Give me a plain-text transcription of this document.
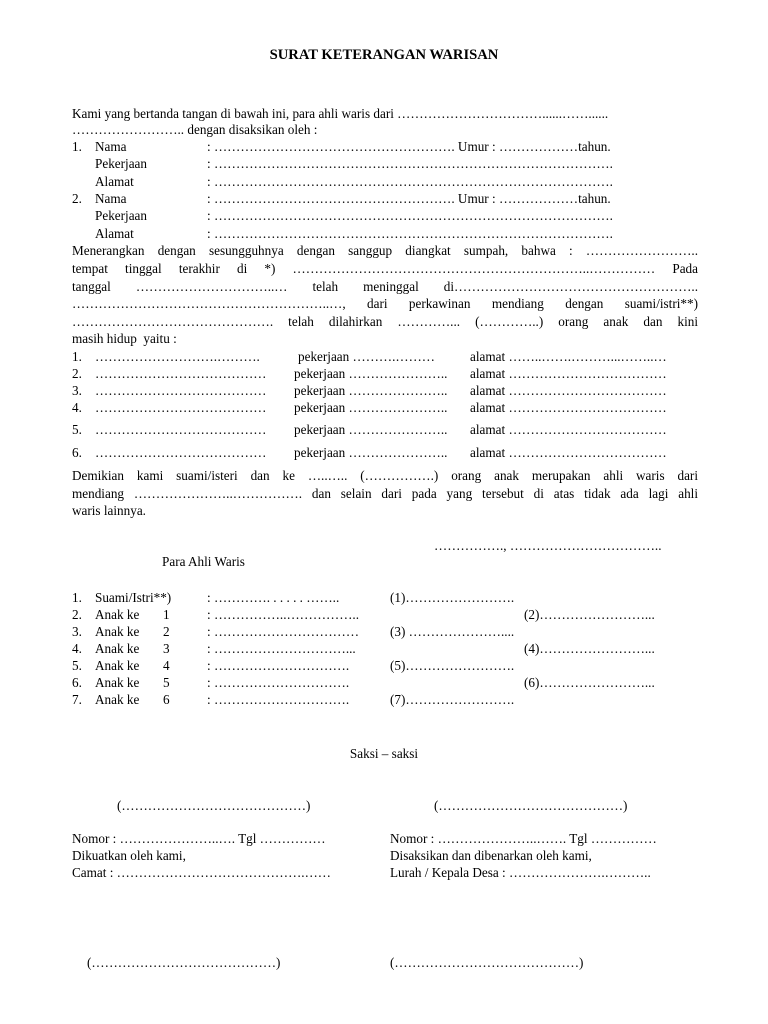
SURAT KETERANGAN WARISAN
Kami yang bertanda tangan di bawah ini, para ahli waris dari ……………………………......……......
…………………….. dengan disaksikan oleh :
1. Nama	: ………………………………………………. Umur : ………………tahun.
Pekerjaan	: ……………………………………………………………………………….
Alamat	: ……………………………………………………………………………….
2. Nama	: ………………………………………………. Umur : ………………tahun.
Pekerjaan	: ……………………………………………………………………………….
Alamat	: ……………………………………………………………………………….
Menerangkan dengan sesungguhnya dengan sanggup diangkat sumpah, bahwa : ……………………..
tempat tinggal terakhir di *) …………………………………………………………..…………… Pada
tanggal …………………………..… telah meninggal di………………………………………………..
…………………………………………………..…, dari perkawinan mendiang dengan suami/istri**)
………………………………………. telah dilahirkan …………... (…………..) orang anak dan kini
masih hidup  yaitu :
1. ……………………….……….	pekerjaan ……….………	alamat ……..…….………...……..…
2. ………………………………… pekerjaan ………………….. alamat ………………………………
3. ………………………………… pekerjaan ………………….. alamat ………………………………
4. ………………………………… pekerjaan ………………….. alamat ………………………………
5. ………………………………… pekerjaan ………………….. alamat ………………………………
6. ………………………………… pekerjaan ………………….. alamat ………………………………
Demikian kami suami/isteri dan ke …..….. (…………….) orang anak merupakan ahli waris dari
mendiang …………………..……………. dan selain dari pada yang tersebut di atas tidak ada lagi ahli
waris lainnya.
……………., ……………………………..
Para Ahli Waris
1. Suami/Istri**)	: …………. . . . . . ……..	(1)…………………….
2. Anak ke 1	: ……………..……………..	(2)……………………...
3. Anak ke 2	: …………………………… (3) …………………....
4. Anak ke 3	: …………………………...	(4)……………………...
5. Anak ke 4	: ………………………….	(5)…………………….
6. Anak ke 5	: ………………………….	(6)……………………...
7. Anak ke 6	: ………………………….	(7)…………………….
Saksi – saksi
(……………………………………)	(……………………………………)
Nomor : …………………..…. Tgl ……………
Dikuatkan oleh kami,
Camat : …………………………………….……
Nomor : …………………..……. Tgl ……………
Disaksikan dan dibenarkan oleh kami,
Lurah / Kepala Desa : ………………….………..
(……………………………………)	(……………………………………)
